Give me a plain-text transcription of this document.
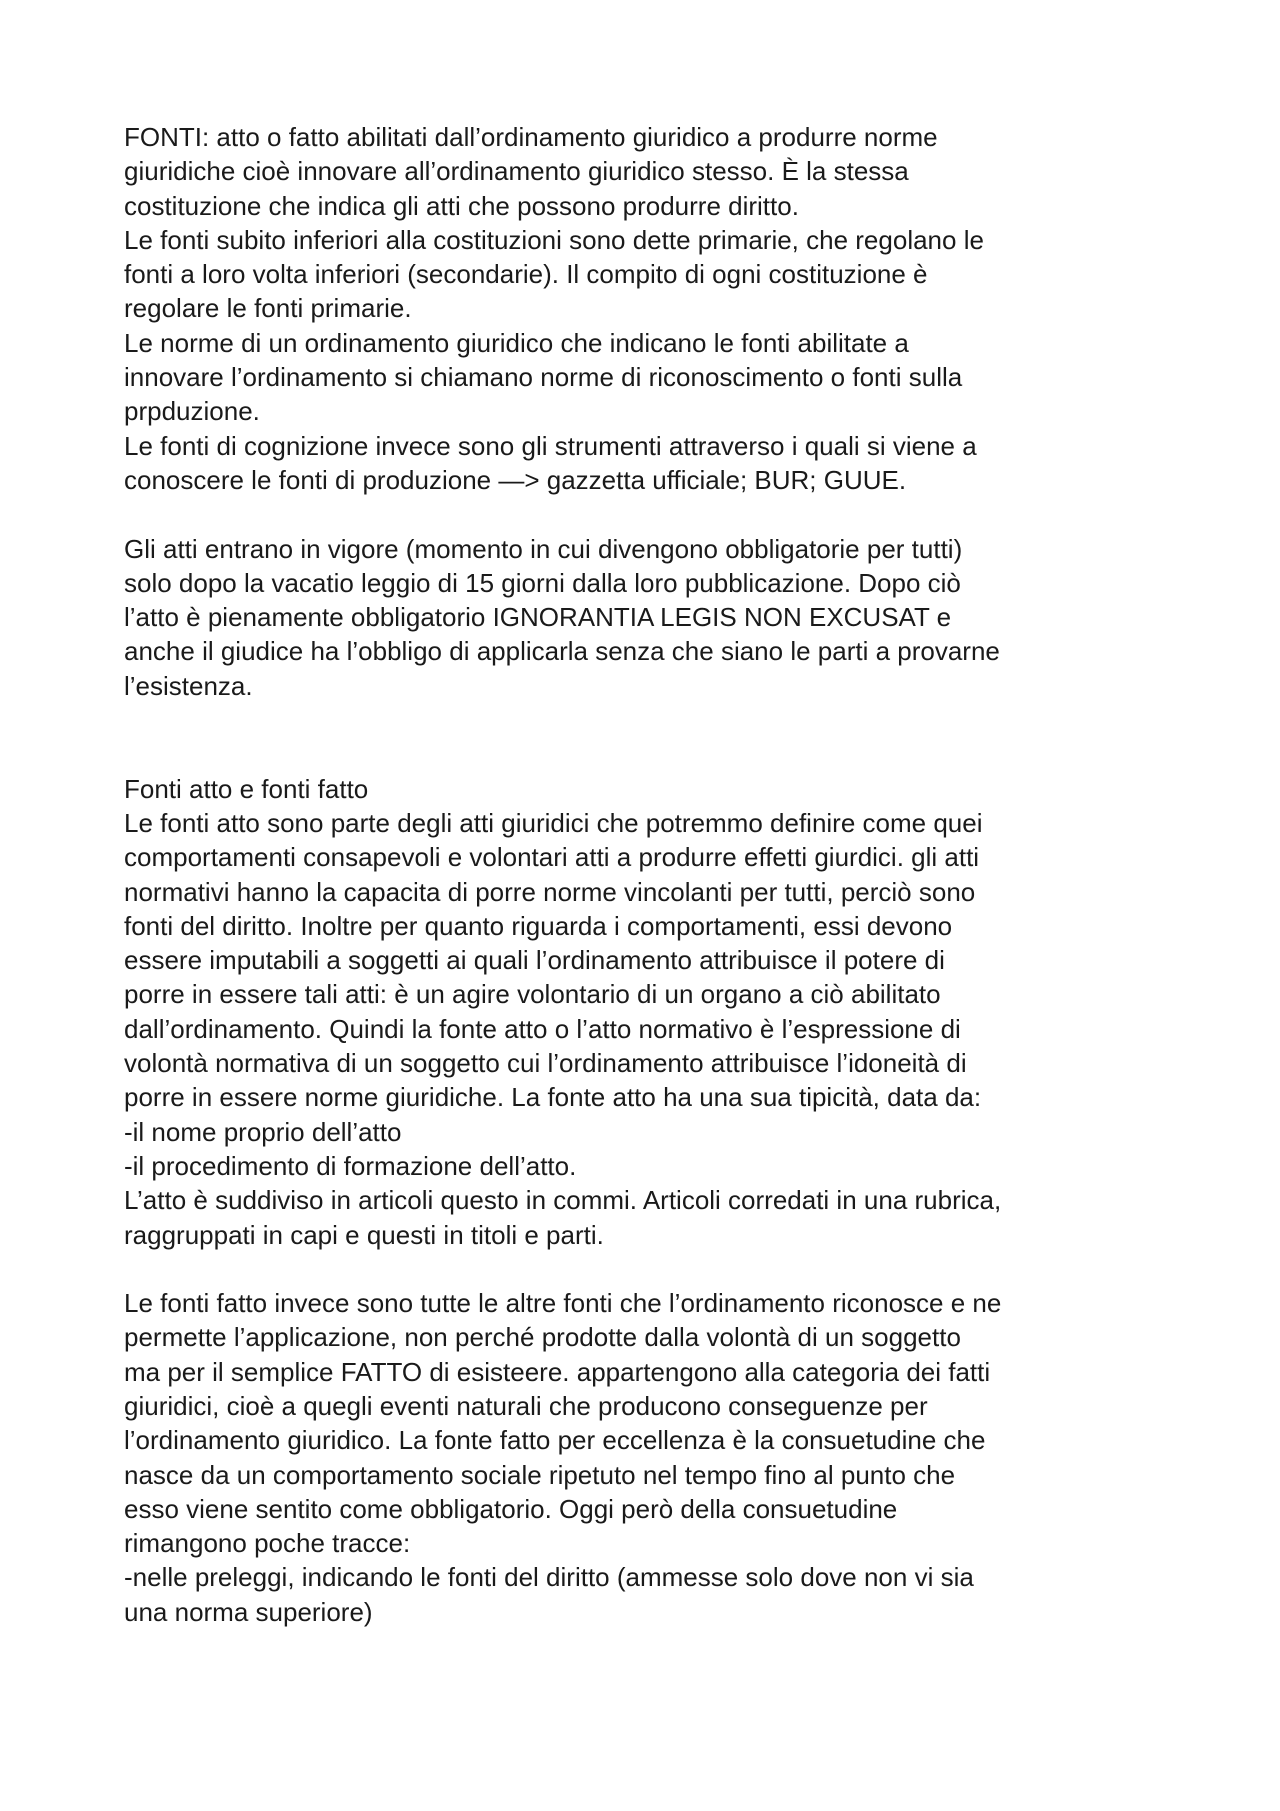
FONTI: atto o fatto abilitati dall’ordinamento giuridico a produrre norme
giuridiche cioè innovare all’ordinamento giuridico stesso. È la stessa
costituzione che indica gli atti che possono produrre diritto.
Le fonti subito inferiori alla costituzioni sono dette primarie, che regolano le
fonti a loro volta inferiori (secondarie). Il compito di ogni costituzione è
regolare le fonti primarie.
Le norme di un ordinamento giuridico che indicano le fonti abilitate a
innovare l’ordinamento si chiamano norme di riconoscimento o fonti sulla
prpduzione.
Le fonti di cognizione invece sono gli strumenti attraverso i quali si viene a
conoscere le fonti di produzione —> gazzetta ufficiale; BUR; GUUE.
Gli atti entrano in vigore (momento in cui divengono obbligatorie per tutti)
solo dopo la vacatio leggio di 15 giorni dalla loro pubblicazione. Dopo ciò
l’atto è pienamente obbligatorio IGNORANTIA LEGIS NON EXCUSAT e
anche il giudice ha l’obbligo di applicarla senza che siano le parti a provarne
l’esistenza.
Fonti atto e fonti fatto
Le fonti atto sono parte degli atti giuridici che potremmo definire come quei
comportamenti consapevoli e volontari atti a produrre effetti giurdici. gli atti
normativi hanno la capacita di porre norme vincolanti per tutti, perciò sono
fonti del diritto. Inoltre per quanto riguarda i comportamenti, essi devono
essere imputabili a soggetti ai quali l’ordinamento attribuisce il potere di
porre in essere tali atti: è un agire volontario di un organo a ciò abilitato
dall’ordinamento. Quindi la fonte atto o l’atto normativo è l’espressione di
volontà normativa di un soggetto cui l’ordinamento attribuisce l’idoneità di
porre in essere norme giuridiche. La fonte atto ha una sua tipicità, data da:
-il nome proprio dell’atto
-il procedimento di formazione dell’atto.
L’atto è suddiviso in articoli questo in commi. Articoli corredati in una rubrica,
raggruppati in capi e questi in titoli e parti.
Le fonti fatto invece sono tutte le altre fonti che l’ordinamento riconosce e ne
permette l’applicazione, non perché prodotte dalla volontà di un soggetto
ma per il semplice FATTO di esisteere. appartengono alla categoria dei fatti
giuridici, cioè a quegli eventi naturali che producono conseguenze per
l’ordinamento giuridico. La fonte fatto per eccellenza è la consuetudine che
nasce da un comportamento sociale ripetuto nel tempo fino al punto che
esso viene sentito come obbligatorio. Oggi però della consuetudine
rimangono poche tracce:
-nelle preleggi, indicando le fonti del diritto (ammesse solo dove non vi sia
una norma superiore)
